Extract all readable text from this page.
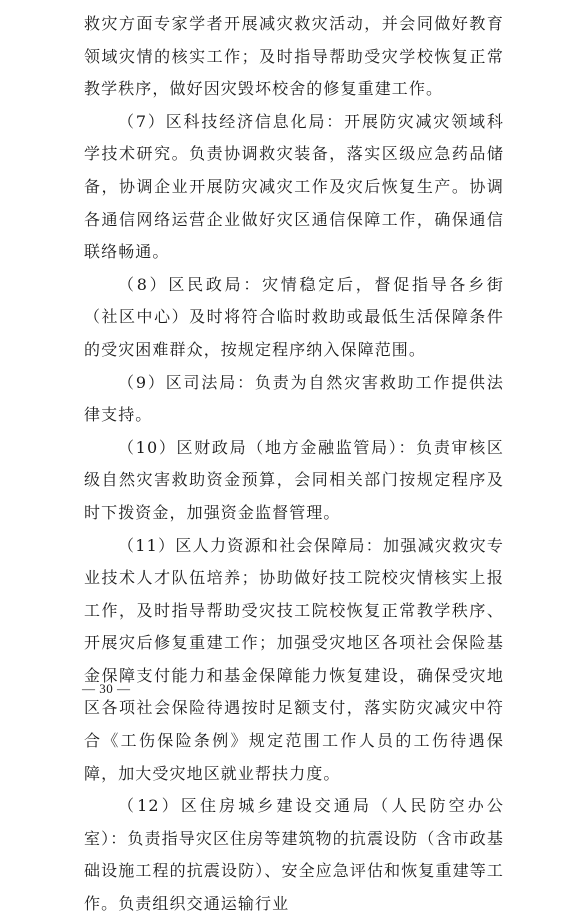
救灾方面专家学者开展减灾救灾活动，并会同做好教育领域灾情的核实工作；及时指导帮助受灾学校恢复正常教学秩序，做好因灾毁坏校舍的修复重建工作。

（7）区科技经济信息化局：开展防灾减灾领域科学技术研究。负责协调救灾装备，落实区级应急药品储备，协调企业开展防灾减灾工作及灾后恢复生产。协调各通信网络运营企业做好灾区通信保障工作，确保通信联络畅通。

（8）区民政局：灾情稳定后，督促指导各乡街（社区中心）及时将符合临时救助或最低生活保障条件的受灾困难群众，按规定程序纳入保障范围。

（9）区司法局：负责为自然灾害救助工作提供法律支持。

（10）区财政局（地方金融监管局）：负责审核区级自然灾害救助资金预算，会同相关部门按规定程序及时下拨资金，加强资金监督管理。

（11）区人力资源和社会保障局：加强减灾救灾专业技术人才队伍培养；协助做好技工院校灾情核实上报工作，及时指导帮助受灾技工院校恢复正常教学秩序、开展灾后修复重建工作；加强受灾地区各项社会保险基金保障支付能力和基金保障能力恢复建设，确保受灾地区各项社会保险待遇按时足额支付，落实防灾减灾中符合《工伤保险条例》规定范围工作人员的工伤待遇保障，加大受灾地区就业帮扶力度。

（12）区住房城乡建设交通局（人民防空办公室）：负责指导灾区住房等建筑物的抗震设防（含市政基础设施工程的抗震设防）、安全应急评估和恢复重建等工作。负责组织交通运输行业

— 30 —
